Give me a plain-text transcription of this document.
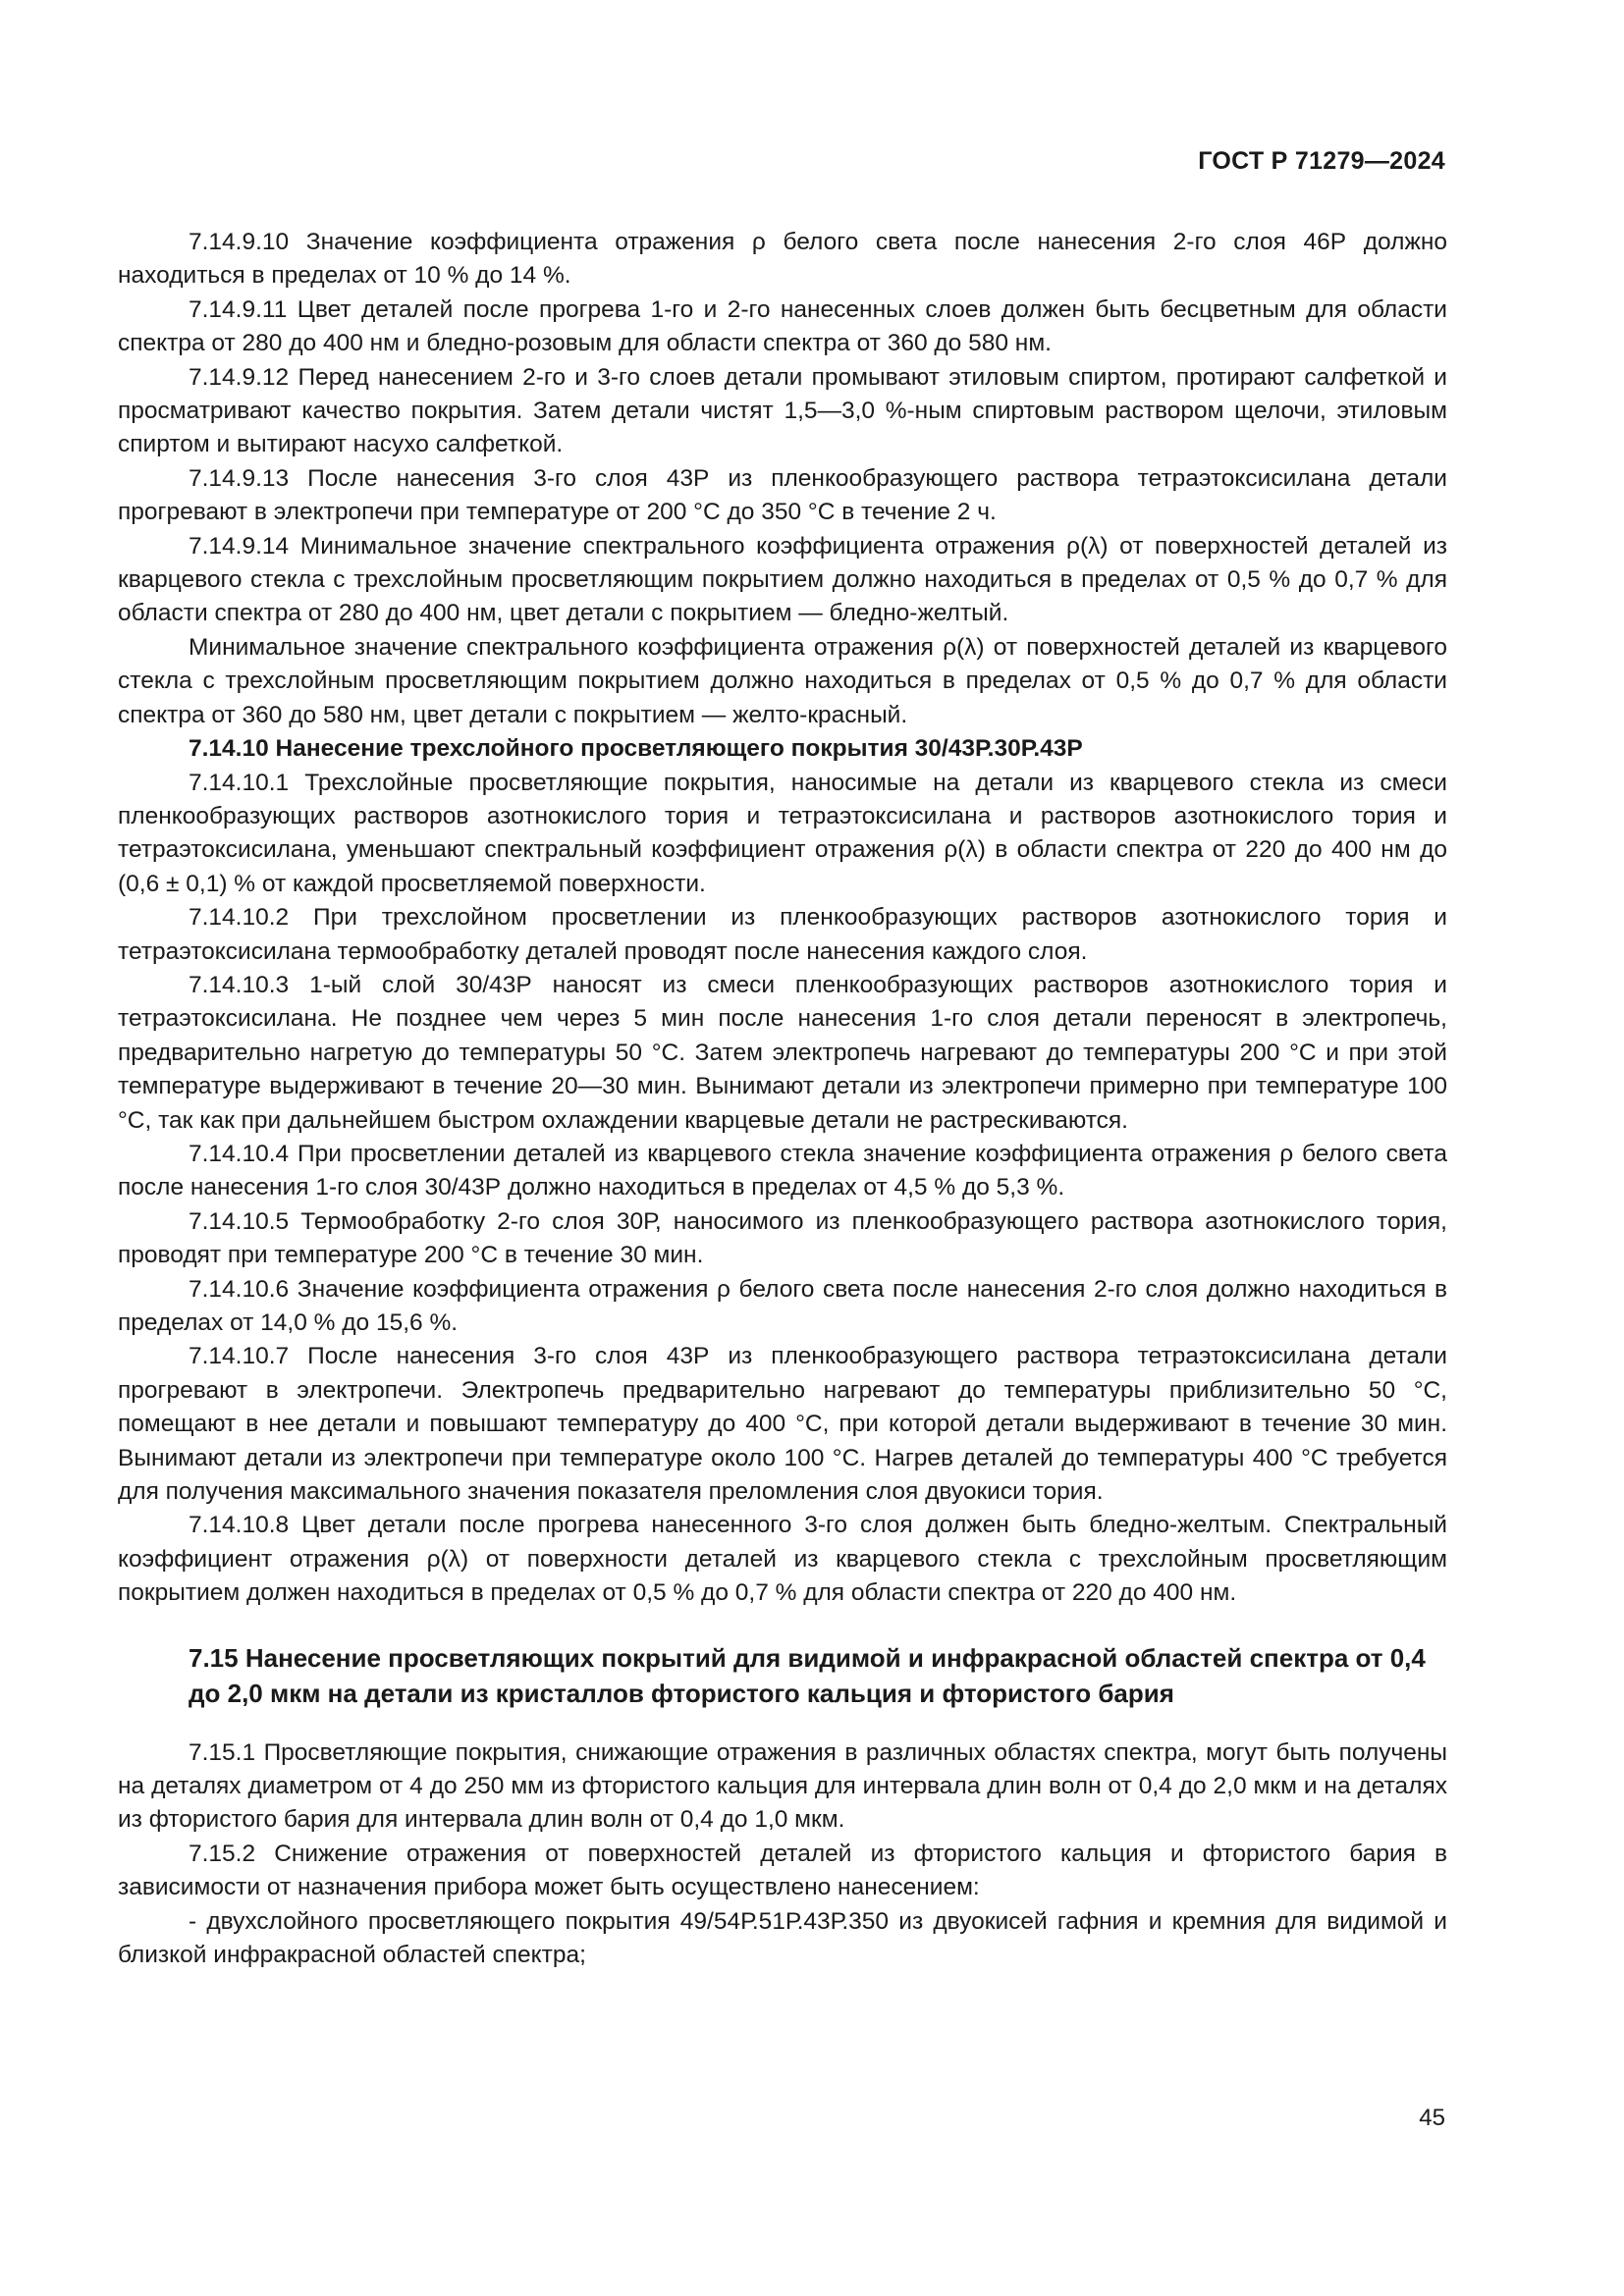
ГОСТ Р 71279—2024

7.14.9.10 Значение коэффициента отражения ρ белого света после нанесения 2-го слоя 46Р должно находиться в пределах от 10 % до 14 %.

7.14.9.11 Цвет деталей после прогрева 1-го и 2-го нанесенных слоев должен быть бесцветным для области спектра от 280 до 400 нм и бледно-розовым для области спектра от 360 до 580 нм.

7.14.9.12 Перед нанесением 2-го и 3-го слоев детали промывают этиловым спиртом, протирают салфеткой и просматривают качество покрытия. Затем детали чистят 1,5—3,0 %-ным спиртовым раствором щелочи, этиловым спиртом и вытирают насухо салфеткой.

7.14.9.13 После нанесения 3-го слоя 43Р из пленкообразующего раствора тетраэтоксисилана детали прогревают в электропечи при температуре от 200 °С до 350 °С в течение 2 ч.

7.14.9.14 Минимальное значение спектрального коэффициента отражения ρ(λ) от поверхностей деталей из кварцевого стекла с трехслойным просветляющим покрытием должно находиться в пределах от 0,5 % до 0,7 % для области спектра от 280 до 400 нм, цвет детали с покрытием — бледно-желтый.

Минимальное значение спектрального коэффициента отражения ρ(λ) от поверхностей деталей из кварцевого стекла с трехслойным просветляющим покрытием должно находиться в пределах от 0,5 % до 0,7 % для области спектра от 360 до 580 нм, цвет детали с покрытием — желто-красный.

7.14.10 Нанесение трехслойного просветляющего покрытия 30/43Р.30Р.43Р

7.14.10.1 Трехслойные просветляющие покрытия, наносимые на детали из кварцевого стекла из смеси пленкообразующих растворов азотнокислого тория и тетраэтоксисилана и растворов азотнокислого тория и тетраэтоксисилана, уменьшают спектральный коэффициент отражения ρ(λ) в области спектра от 220 до 400 нм до (0,6 ± 0,1) % от каждой просветляемой поверхности.

7.14.10.2 При трехслойном просветлении из пленкообразующих растворов азотнокислого тория и тетраэтоксисилана термообработку деталей проводят после нанесения каждого слоя.

7.14.10.3 1-ый слой 30/43Р наносят из смеси пленкообразующих растворов азотнокислого тория и тетраэтоксисилана. Не позднее чем через 5 мин после нанесения 1-го слоя детали переносят в электропечь, предварительно нагретую до температуры 50 °С. Затем электропечь нагревают до температуры 200 °С и при этой температуре выдерживают в течение 20—30 мин. Вынимают детали из электропечи примерно при температуре 100 °С, так как при дальнейшем быстром охлаждении кварцевые детали не растрескиваются.

7.14.10.4 При просветлении деталей из кварцевого стекла значение коэффициента отражения ρ белого света после нанесения 1-го слоя 30/43Р должно находиться в пределах от 4,5 % до 5,3 %.

7.14.10.5 Термообработку 2-го слоя 30Р, наносимого из пленкообразующего раствора азотнокислого тория, проводят при температуре 200 °С в течение 30 мин.

7.14.10.6 Значение коэффициента отражения ρ белого света после нанесения 2-го слоя должно находиться в пределах от 14,0 % до 15,6 %.

7.14.10.7 После нанесения 3-го слоя 43Р из пленкообразующего раствора тетраэтоксисилана детали прогревают в электропечи. Электропечь предварительно нагревают до температуры приблизительно 50 °С, помещают в нее детали и повышают температуру до 400 °С, при которой детали выдерживают в течение 30 мин. Вынимают детали из электропечи при температуре около 100 °С. Нагрев деталей до температуры 400 °С требуется для получения максимального значения показателя преломления слоя двуокиси тория.

7.14.10.8 Цвет детали после прогрева нанесенного 3-го слоя должен быть бледно-желтым. Спектральный коэффициент отражения ρ(λ) от поверхности деталей из кварцевого стекла с трехслойным просветляющим покрытием должен находиться в пределах от 0,5 % до 0,7 % для области спектра от 220 до 400 нм.

7.15 Нанесение просветляющих покрытий для видимой и инфракрасной областей спектра от 0,4 до 2,0 мкм на детали из кристаллов фтористого кальция и фтористого бария

7.15.1 Просветляющие покрытия, снижающие отражения в различных областях спектра, могут быть получены на деталях диаметром от 4 до 250 мм из фтористого кальция для интервала длин волн от 0,4 до 2,0 мкм и на деталях из фтористого бария для интервала длин волн от 0,4 до 1,0 мкм.

7.15.2 Снижение отражения от поверхностей деталей из фтористого кальция и фтористого бария в зависимости от назначения прибора может быть осуществлено нанесением:

- двухслойного просветляющего покрытия 49/54Р.51Р.43Р.350 из двуокисей гафния и кремния для видимой и близкой инфракрасной областей спектра;

45
